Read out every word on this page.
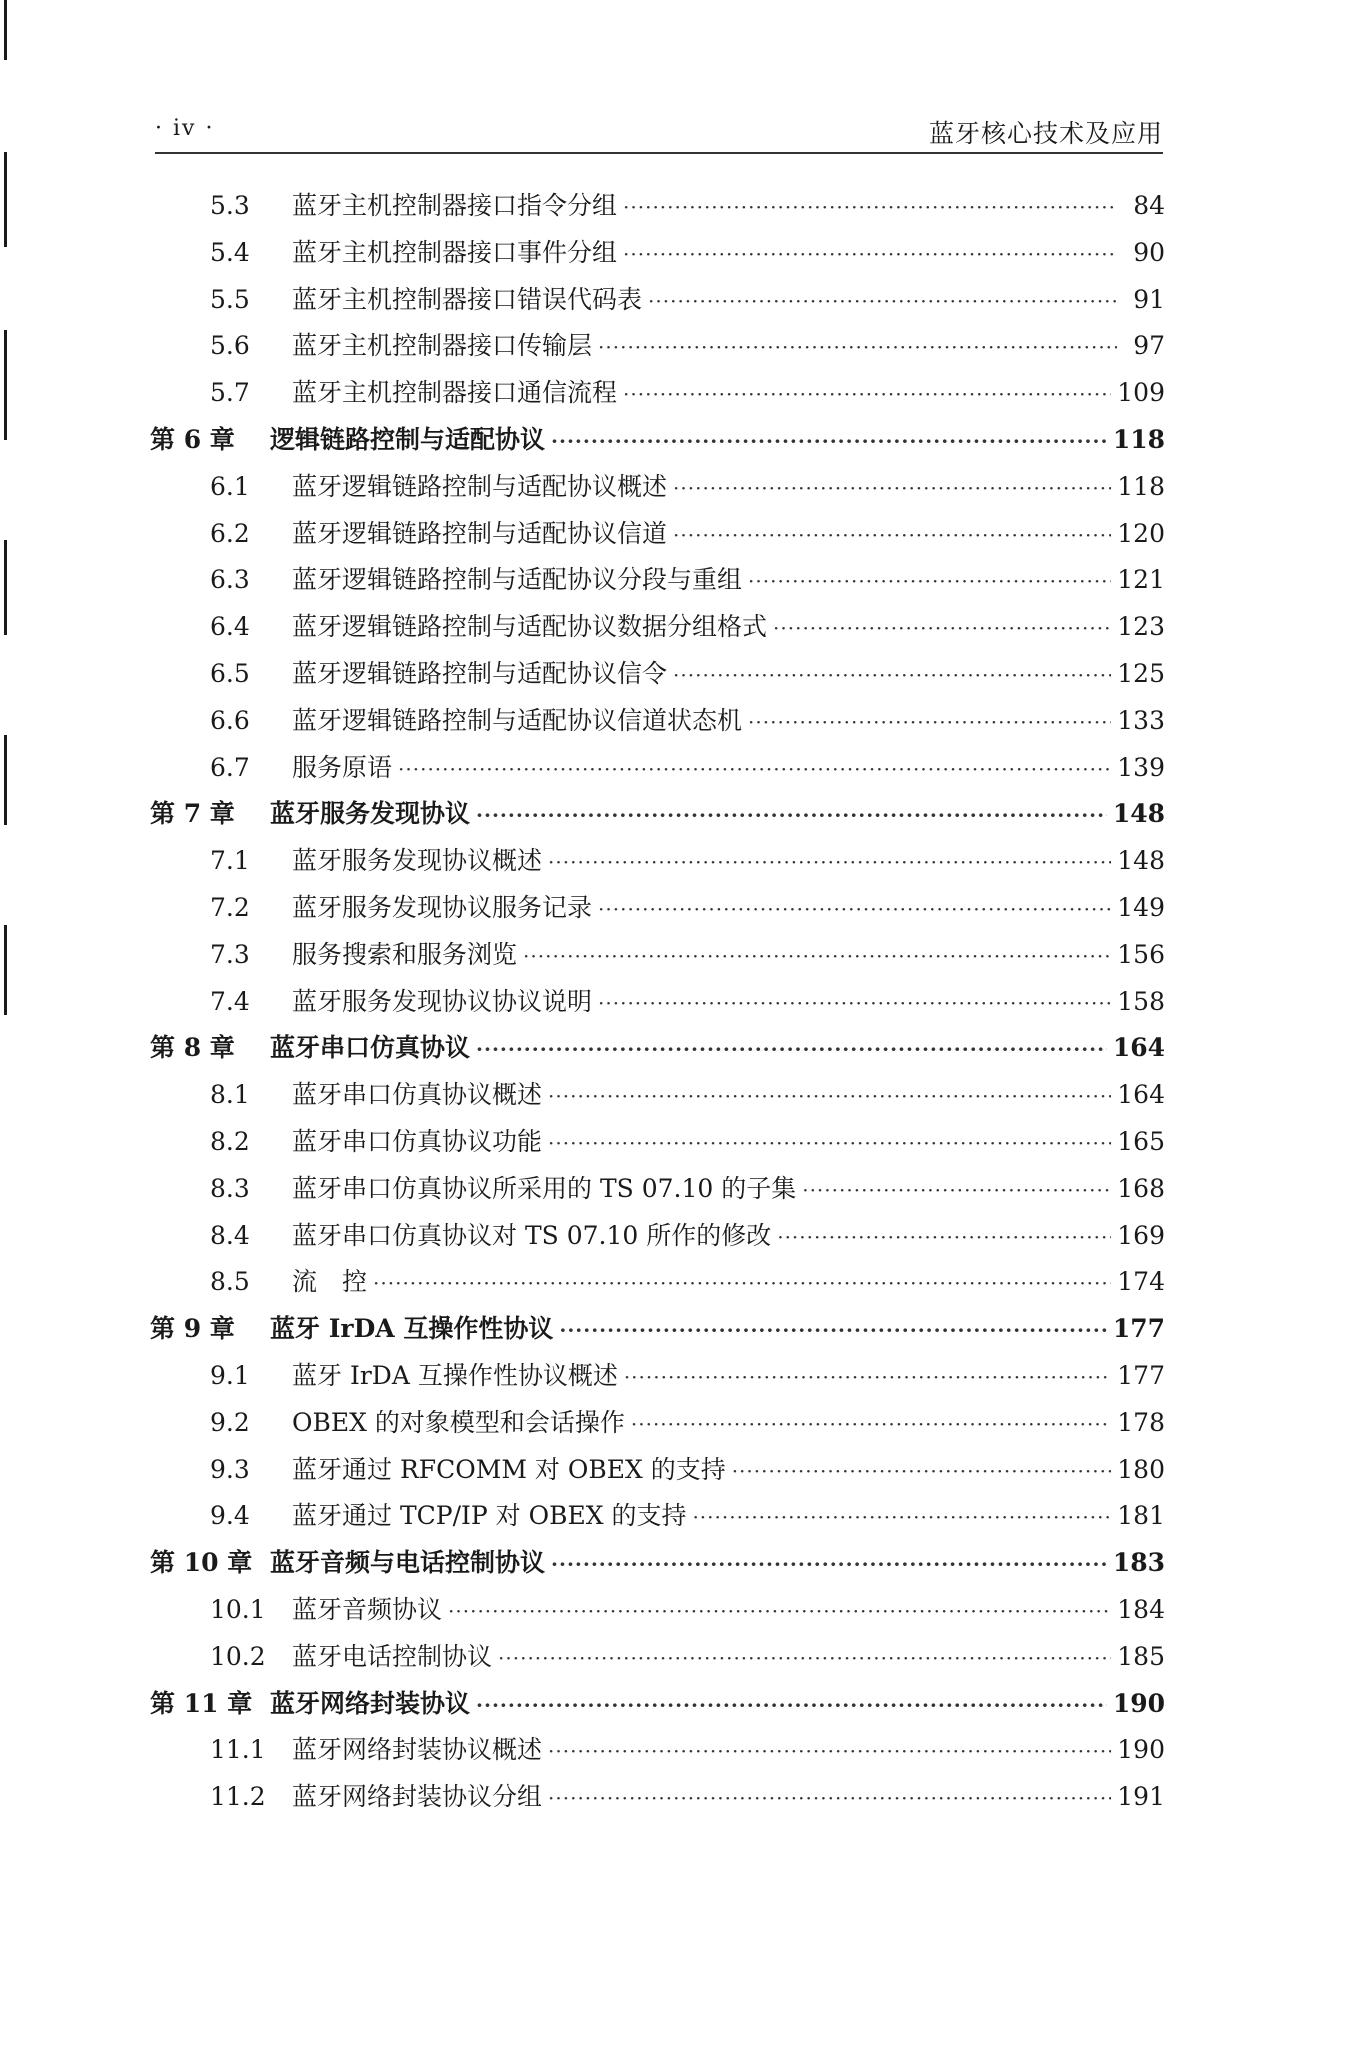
· iv ·	蓝牙核心技术及应用
5.3	蓝牙主机控制器接口指令分组 ·····	84
5.4	蓝牙主机控制器接口事件分组 ·····	90
5.5	蓝牙主机控制器接口错误代码表 ·····	91
5.6	蓝牙主机控制器接口传输层 ·····	97
5.7	蓝牙主机控制器接口通信流程 ·····	109
第 6 章	逻辑链路控制与适配协议 ·····	118
6.1	蓝牙逻辑链路控制与适配协议概述 ·····	118
6.2	蓝牙逻辑链路控制与适配协议信道 ·····	120
6.3	蓝牙逻辑链路控制与适配协议分段与重组 ·····	121
6.4	蓝牙逻辑链路控制与适配协议数据分组格式 ·····	123
6.5	蓝牙逻辑链路控制与适配协议信令 ·····	125
6.6	蓝牙逻辑链路控制与适配协议信道状态机 ·····	133
6.7	服务原语 ·····	139
第 7 章	蓝牙服务发现协议 ·····	148
7.1	蓝牙服务发现协议概述 ·····	148
7.2	蓝牙服务发现协议服务记录 ·····	149
7.3	服务搜索和服务浏览 ·····	156
7.4	蓝牙服务发现协议协议说明 ·····	158
第 8 章	蓝牙串口仿真协议 ·····	164
8.1	蓝牙串口仿真协议概述 ·····	164
8.2	蓝牙串口仿真协议功能 ·····	165
8.3	蓝牙串口仿真协议所采用的 TS 07.10 的子集 ·····	168
8.4	蓝牙串口仿真协议对 TS 07.10 所作的修改 ·····	169
8.5	流　控 ·····	174
第 9 章	蓝牙 IrDA 互操作性协议 ·····	177
9.1	蓝牙 IrDA 互操作性协议概述 ·····	177
9.2	OBEX 的对象模型和会话操作 ·····	178
9.3	蓝牙通过 RFCOMM 对 OBEX 的支持 ·····	180
9.4	蓝牙通过 TCP/IP 对 OBEX 的支持 ·····	181
第 10 章 蓝牙音频与电话控制协议 ·····	183
10.1	蓝牙音频协议 ·····	184
10.2	蓝牙电话控制协议 ·····	185
第 11 章 蓝牙网络封装协议 ·····	190
11.1	蓝牙网络封装协议概述 ·····	190
11.2	蓝牙网络封装协议分组 ·····	191
